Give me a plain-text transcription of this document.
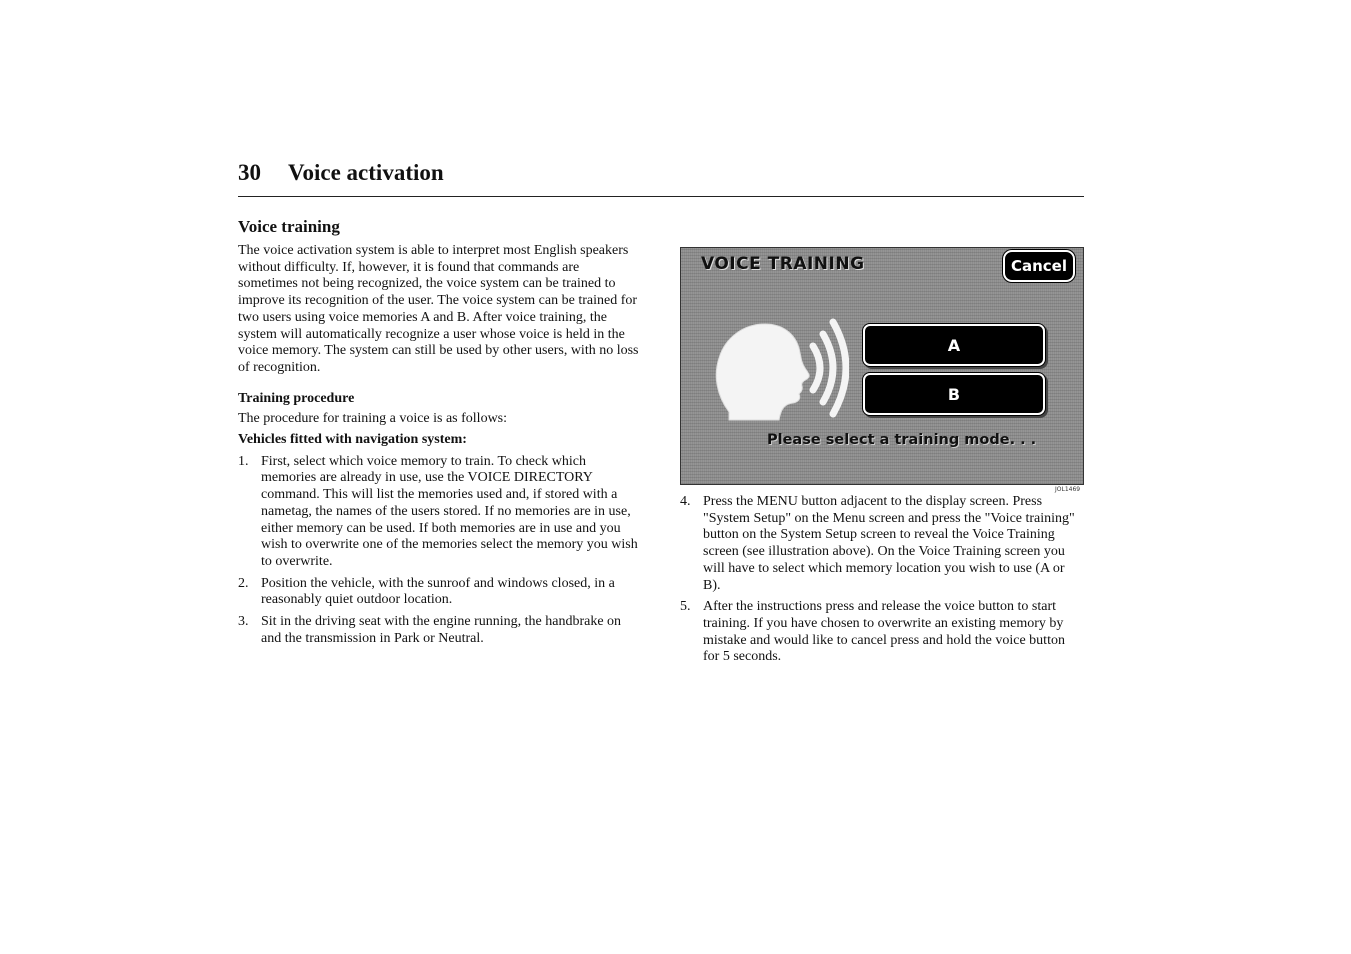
30 Voice activation
Voice training

The voice activation system is able to interpret most English speakers without difficulty. If, however, it is found that commands are sometimes not being recognized, the voice system can be trained to improve its recognition of the user. The voice system can be trained for two users using voice memories A and B. After voice training, the system will automatically recognize a user whose voice is held in the voice memory. The system can still be used by other users, with no loss of recognition.

Training procedure

The procedure for training a voice is as follows:

Vehicles fitted with navigation system:
1. First, select which voice memory to train. To check which memories are already in use, use the VOICE DIRECTORY command. This will list the memories used and, if stored with a nametag, the names of the users stored. If no memories are in use, either memory can be used. If both memories are in use and you wish to overwrite one of the memories select the memory you wish to overwrite.
2. Position the vehicle, with the sunroof and windows closed, in a reasonably quiet outdoor location.
3. Sit in the driving seat with the engine running, the handbrake on and the transmission in Park or Neutral.
VOICE TRAINING	Cancel
A
B
Please select a training mode. . .
JOL1469
4. Press the MENU button adjacent to the display screen. Press "System Setup" on the Menu screen and press the "Voice training" button on the System Setup screen to reveal the Voice Training screen (see illustration above). On the Voice Training screen you will have to select which memory location you wish to use (A or B).
5. After the instructions press and release the voice button to start training. If you have chosen to overwrite an existing memory by mistake and would like to cancel press and hold the voice button for 5 seconds.
